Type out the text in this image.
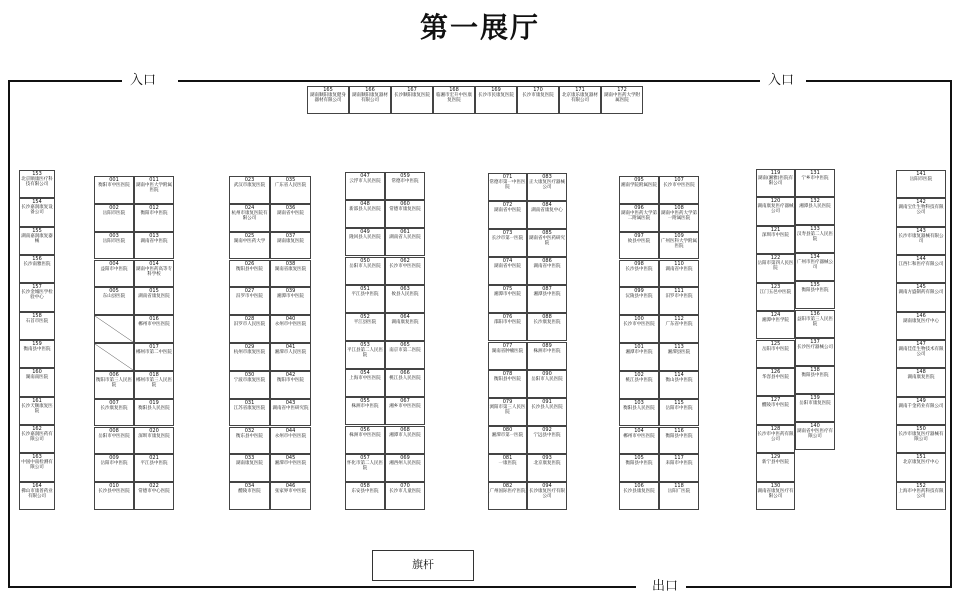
第一展厅
入口	入口
出口
旗杆
165
湖南顺阳康复健身器材有限公司
166
湖南顺阳康复器材有限公司
167
长沙顺阳康复医院
168
临湘市宏升中医康复医院
169
长沙市民康复医院
170
长沙市康复医院
171
北京康乐康复器材有限公司
172
湖南中医药大学附属医院
153
北京顺康医疗科技有限公司
154
长沙嘉润康复设备公司
155
湖南嘉润康复器械
156
长沙南雅医院
157
长沙金城医学检验中心
158
石首市医院
159
衡南县中医院
160
湖南南医院
161
长沙天顺康复医院
162
长沙嘉润医药有限公司
163
中国中南检测有限公司
164
佛山市康普药业有限公司
001
衡阳市中医医院
002
岳阳市医院
003
岳阳市医院
004
益阳市中医院
005
东山县医院
006
衡阳市第三人民医院
007
长沙康复医院
008
岳阳市中医医院
009
岳阳市中医院
010
长沙县中医医院
011
湖南中医大学附属医院
012
衡阳市中医院
013
湖南省中医院
014
湖南中医药高等专科学校
015
湖南省康复医院
016
郴州市中医医院
017
郴州市第二中医院
018
郴州市第三人民医院
019
衡阳县人民医院
020
深圳市康复医院
021
平江县中医院
022
常德市中心医院
023
武汉市康复医院
024
杭州市康复医院有限公司
025
湖南中医药大学
026
衡阳县中医院
027
汨罗市中医院
028
汨罗市人民医院
029
杭州市康复医院
030
宁波市康复医院
031
江苏省康复医院
032
衡东县中医院
033
湖南康复医院
034
醴陵市医院
035
广东省人民医院
036
湖南省中医院
037
湖南康复医院
038
湖南省康复医院
039
湘潭市中医院
040
永州市中医医院
041
湘潭市人民医院
042
衡阳市中医院
043
湖南省中医研究院
044
永州市中医医院
045
湘潭市中医医院
046
张家界市中医院
047
云浮市人民医院
048
新邵县人民医院
049
隆回县人民医院
050
岳阳市人民医院
051
平江县中医院
052
平江县医院
053
平江县第二人民医院
054
上海市中医医院
055
株洲市中医院
056
株洲市中医医院
057
怀化市第二人民医院
058
东安县中医院
059
常德市中医院
060
常德市康复医院
061
湖南省人民医院
062
长沙市中医医院
063
攸县人民医院
064
湖南康复医院
065
南京市第二医院
066
桃江县人民医院
067
湘乡市中医医院
068
湘潭市人民医院
069
湘西州人民医院
070
长沙市儿童医院
071
常德市第一中医医院
072
湖南省中医院
073
长沙市第一医院
074
湖南省中医院
075
湘潭市中医院
076
邵阳市中医院
077
湖南省肿瘤医院
078
衡阳县中医院
079
浏阳市第三人民医院
080
湘潭市第一医院
081
一康医院
082
广州国际医疗医院
083
正大康复医疗器械公司
084
湖南省康复中心
085
湖南省中医药研究院
086
湖南省中医院
087
湘潭县中医院
088
长沙康复医院
089
株洲市中医院
090
岳阳市人民医院
091
长沙县人民医院
092
宁远县中医院
093
北京康复医院
094
长沙康复医疗有限公司
095
湘南学院附属医院
096
湖南中医药大学第二附属医院
097
攸县中医院
098
长沙县中医院
099
沅陵县中医院
100
长沙市中医医院
101
湘潭市中医院
102
桃江县中医院
103
衡阳县人民医院
104
郴州市中医医院
105
衡阳县中医院
106
长沙县康复医院
107
长沙市中医医院
108
湖南中医药大学第一附属医院
109
广州医科大学附属医院
110
湖南省中医院
111
汨罗市中医院
112
广东省中医院
113
湘潭县医院
114
衡山县中医院
115
岳阳市中医院
116
衡阳县中医院
117
耒阳市中医院
118
岳阳广医院
119
湖南(湘雅)医院有限公司
120
湖南康复医疗器械公司
121
深圳市中医院
122
岳阳市第四人民医院
123
江门五邑中医院
124
湘潭中医学院
125
岳阳市中医院
126
华容县中医院
127
醴陵市中医院
128
长沙市中医药有限公司
129
新宁县中医院
130
湖南省康复医疗有限公司
131
宁乡市中医院
132
湘潭县人民医院
133
汉寿县第二人民医院
134
广州市医疗器械公司
135
衡阳县中医院
136
益阳市第三人民医院
137
长沙医疗器械公司
138
衡阳县中医院
139
岳阳市康复医院
140
湖南省中医医疗有限公司
141
岳阳市医院
142
湖南宝仕生物科技有限公司
143
长沙市康复器械有限公司
144
江西仁和医疗有限公司
145
湖南方盛制药有限公司
146
湖南康复医疗中心
147
湖南佳佳生物技术有限公司
148
湖南康复医院
149
湖南千金药业有限公司
150
长沙市康复医疗器械有限公司
151
北京康复医疗中心
152
上海市中医药科技有限公司
